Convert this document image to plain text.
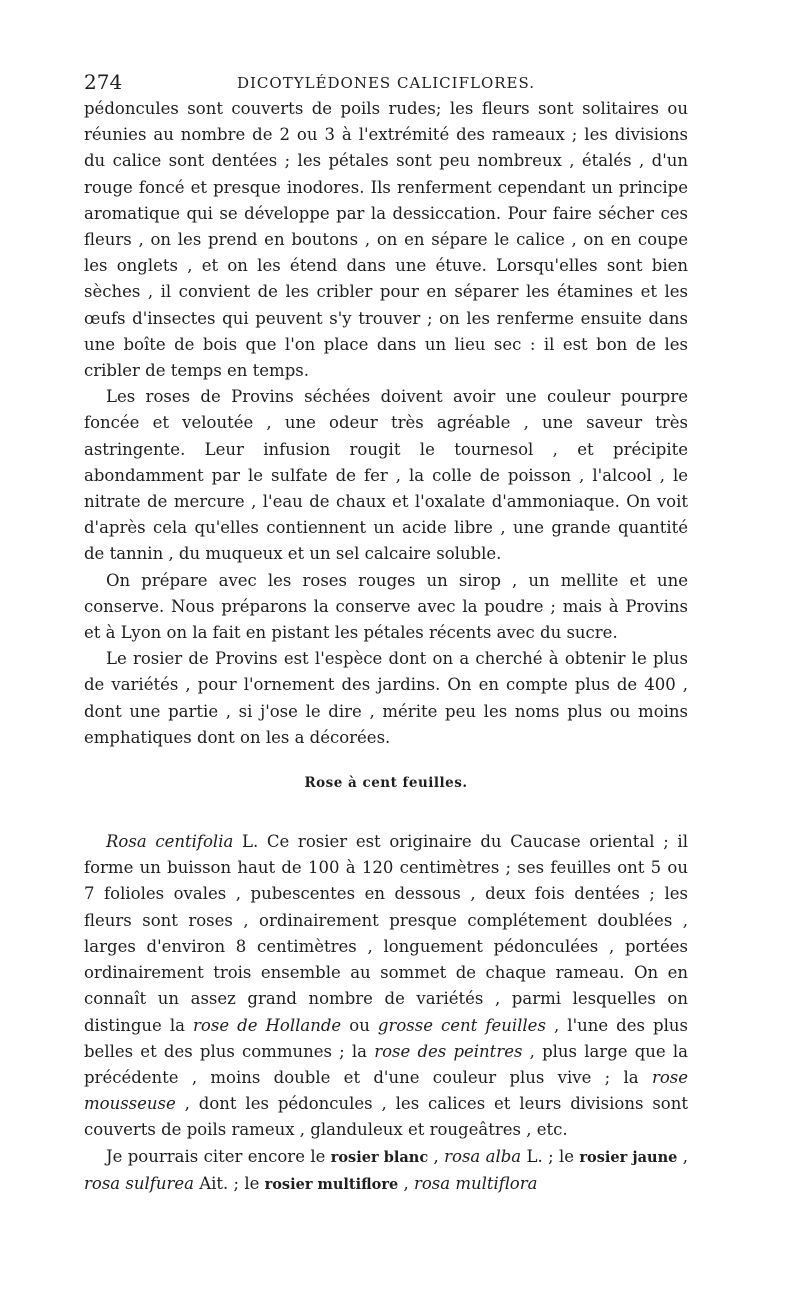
274	DICOTYLÉDONES CALICIFLORES.

pédoncules sont couverts de poils rudes; les fleurs sont solitaires ou réunies au nombre de 2 ou 3 à l'extrémité des rameaux ; les divisions du calice sont dentées ; les pétales sont peu nombreux , étalés , d'un rouge foncé et presque inodores. Ils renferment cependant un principe aromatique qui se développe par la dessiccation. Pour faire sécher ces fleurs , on les prend en boutons , on en sépare le calice , on en coupe les onglets , et on les étend dans une étuve. Lorsqu'elles sont bien sèches , il convient de les cribler pour en séparer les étamines et les œufs d'insectes qui peuvent s'y trouver ; on les renferme ensuite dans une boîte de bois que l'on place dans un lieu sec : il est bon de les cribler de temps en temps.

Les roses de Provins séchées doivent avoir une couleur pourpre foncée et veloutée , une odeur très agréable , une saveur très astringente. Leur infusion rougit le tournesol , et précipite abondamment par le sulfate de fer , la colle de poisson , l'alcool , le nitrate de mercure , l'eau de chaux et l'oxalate d'ammoniaque. On voit d'après cela qu'elles contiennent un acide libre , une grande quantité de tannin , du muqueux et un sel calcaire soluble.

On prépare avec les roses rouges un sirop , un mellite et une conserve. Nous préparons la conserve avec la poudre ; mais à Provins et à Lyon on la fait en pistant les pétales récents avec du sucre.

Le rosier de Provins est l'espèce dont on a cherché à obtenir le plus de variétés , pour l'ornement des jardins. On en compte plus de 400 , dont une partie , si j'ose le dire , mérite peu les noms plus ou moins emphatiques dont on les a décorées.

Rose à cent feuilles.

Rosa centifolia L. Ce rosier est originaire du Caucase oriental ; il forme un buisson haut de 100 à 120 centimètres ; ses feuilles ont 5 ou 7 folioles ovales , pubescentes en dessous , deux fois dentées ; les fleurs sont roses , ordinairement presque complétement doublées , larges d'environ 8 centimètres , longuement pédonculées , portées ordinairement trois ensemble au sommet de chaque rameau. On en connaît un assez grand nombre de variétés , parmi lesquelles on distingue la rose de Hollande ou grosse cent feuilles , l'une des plus belles et des plus communes ; la rose des peintres , plus large que la précédente , moins double et d'une couleur plus vive ; la rose mousseuse , dont les pédoncules , les calices et leurs divisions sont couverts de poils rameux , glanduleux et rougeâtres , etc.

Je pourrais citer encore le rosier blanc , rosa alba L. ; le rosier jaune , rosa sulfurea Ait. ; le rosier multiflore , rosa multiflora
